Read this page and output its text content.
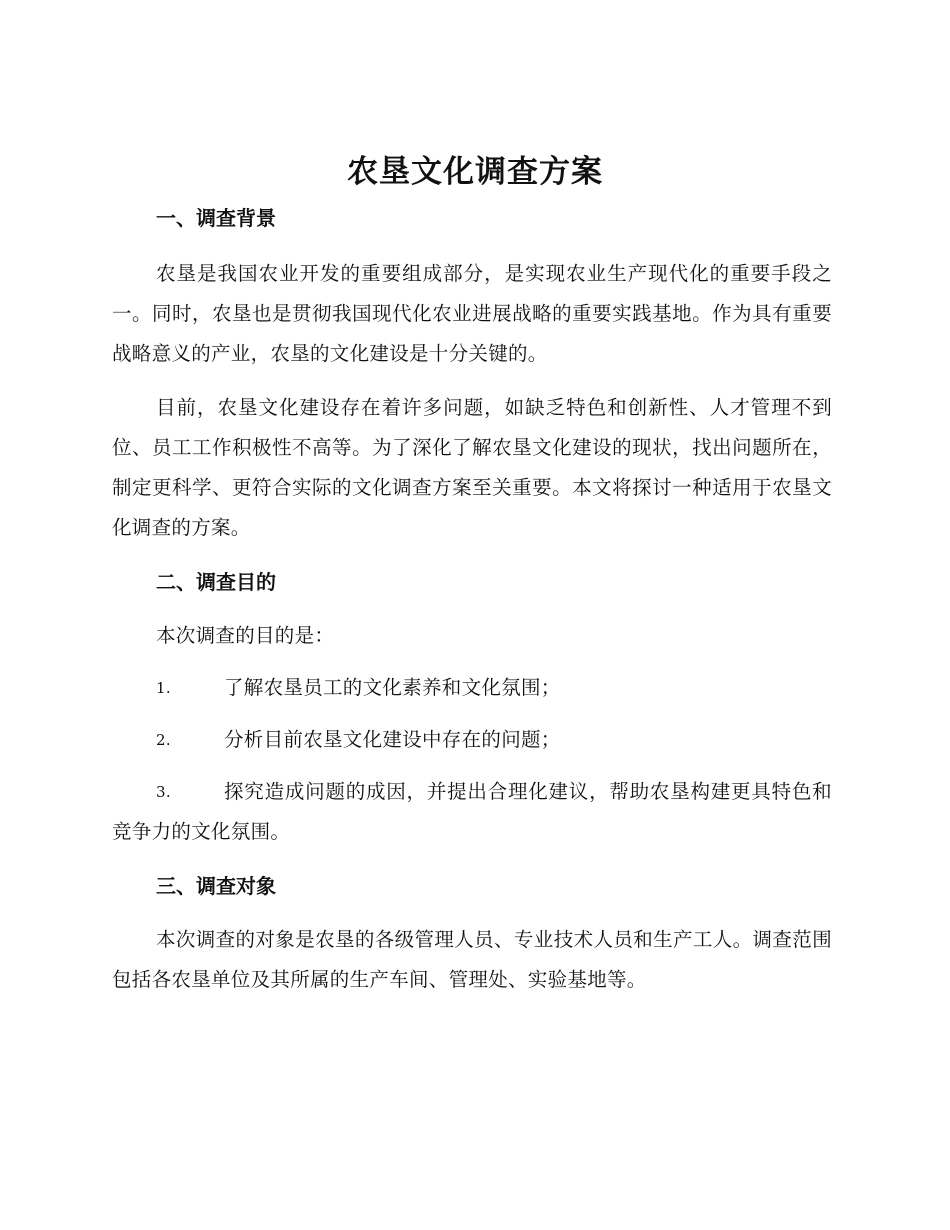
农垦文化调查方案
一、调查背景

农垦是我国农业开发的重要组成部分，是实现农业生产现代化的重要手段之一。同时，农垦也是贯彻我国现代化农业进展战略的重要实践基地。作为具有重要战略意义的产业，农垦的文化建设是十分关键的。

目前，农垦文化建设存在着许多问题，如缺乏特色和创新性、人才管理不到位、员工工作积极性不高等。为了深化了解农垦文化建设的现状，找出问题所在，制定更科学、更符合实际的文化调查方案至关重要。本文将探讨一种适用于农垦文化调查的方案。

二、调查目的

本次调查的目的是：

1.	了解农垦员工的文化素养和文化氛围；

2.	分析目前农垦文化建设中存在的问题；

3.	探究造成问题的成因，并提出合理化建议，帮助农垦构建更具特色和竞争力的文化氛围。

三、调查对象

本次调查的对象是农垦的各级管理人员、专业技术人员和生产工人。调查范围包括各农垦单位及其所属的生产车间、管理处、实验基地等。
